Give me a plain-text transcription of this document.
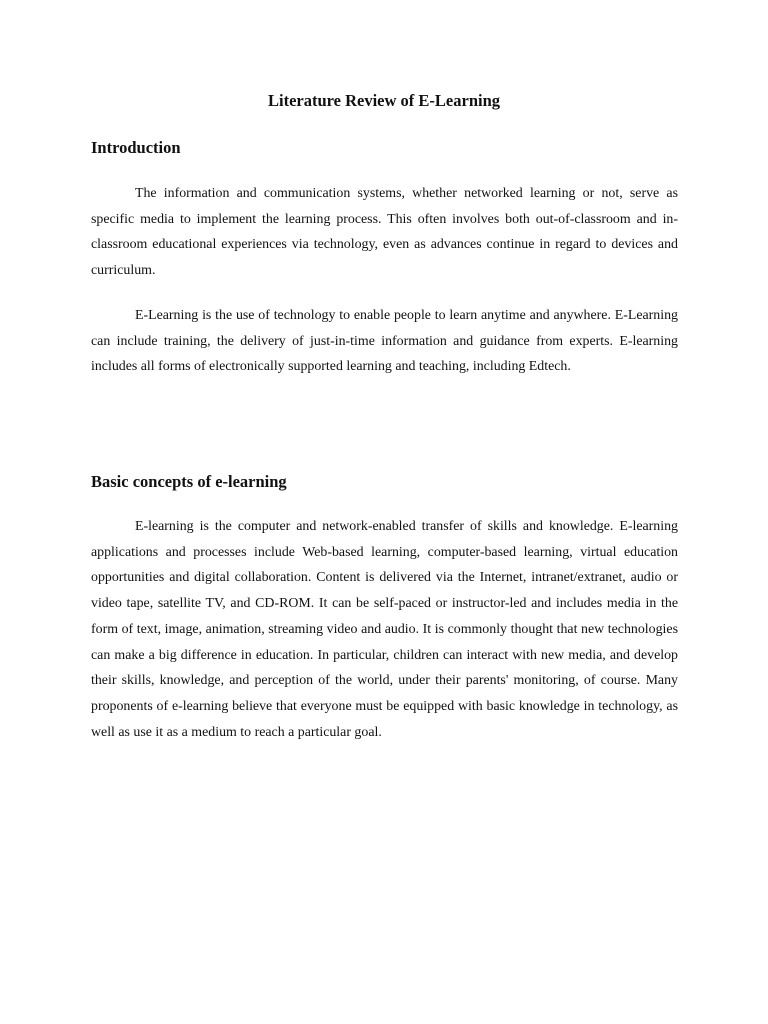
Literature Review of E-Learning
Introduction

The information and communication systems, whether networked learning or not, serve as specific media to implement the learning process. This often involves both out-of-classroom and in-classroom educational experiences via technology, even as advances continue in regard to devices and curriculum.

E-Learning is the use of technology to enable people to learn anytime and anywhere. E-Learning can include training, the delivery of just-in-time information and guidance from experts. E-learning includes all forms of electronically supported learning and teaching, including Edtech.

Basic concepts of e-learning

E-learning is the computer and network-enabled transfer of skills and knowledge. E-learning applications and processes include Web-based learning, computer-based learning, virtual education opportunities and digital collaboration. Content is delivered via the Internet, intranet/extranet, audio or video tape, satellite TV, and CD-ROM. It can be self-paced or instructor-led and includes media in the form of text, image, animation, streaming video and audio. It is commonly thought that new technologies can make a big difference in education. In particular, children can interact with new media, and develop their skills, knowledge, and perception of the world, under their parents' monitoring, of course. Many proponents of e-learning believe that everyone must be equipped with basic knowledge in technology, as well as use it as a medium to reach a particular goal.
